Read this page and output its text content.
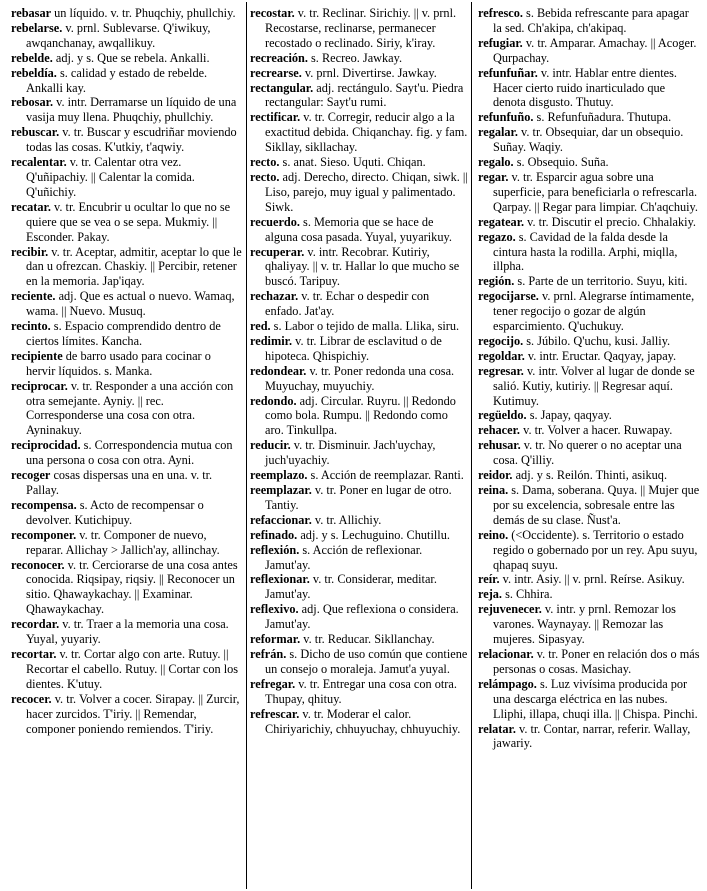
rebasar un líquido. v. tr. Phuqchiy, phullchiy.

rebelarse. v. prnl. Sublevarse. Q'iwikuy, awqanchanay, awqallikuy.

rebelde. adj. y s. Que se rebela. Ankalli.

rebeldía. s. calidad y estado de rebelde. Ankalli kay.

rebosar. v. intr. Derramarse un líquido de una vasija muy llena. Phuqchiy, phullchiy.

rebuscar. v. tr. Buscar y escudriñar moviendo todas las cosas. K'utkiy, t'aqwiy.

recalentar. v. tr. Calentar otra vez. Q'uñipachiy. || Calentar la comida. Q'uñichiy.

recatar. v. tr. Encubrir u ocultar lo que no se quiere que se vea o se sepa. Mukmiy. || Esconder. Pakay.

recibir. v. tr. Aceptar, admitir, aceptar lo que le dan u ofrezcan. Chaskiy. || Percibir, retener en la memoria. Jap'iqay.

reciente. adj. Que es actual o nuevo. Wamaq, wama. || Nuevo. Musuq.

recinto. s. Espacio comprendido dentro de ciertos límites. Kancha.

recipiente de barro usado para cocinar o hervir líquidos. s. Manka.

reciprocar. v. tr. Responder a una acción con otra semejante. Ayniy. || rec. Corresponderse una cosa con otra. Ayninakuy.

reciprocidad. s. Correspondencia mutua con una persona o cosa con otra. Ayni.

recoger cosas dispersas una en una. v. tr. Pallay.

recompensa. s. Acto de recompensar o devolver. Kutichipuy.

recomponer. v. tr. Componer de nuevo, reparar. Allichay > Jallich'ay, allinchay.

reconocer. v. tr. Cerciorarse de una cosa antes conocida. Riqsipay, riqsiy. || Reconocer un sitio. Qhawaykachay. || Examinar. Qhawaykachay.

recordar. v. tr. Traer a la memoria una cosa. Yuyal, yuyariy.

recortar. v. tr. Cortar algo con arte. Rutuy. || Recortar el cabello. Rutuy. || Cortar con los dientes. K'utuy.

recocer. v. tr. Volver a cocer. Sirapay. || Zurcir, hacer zurcidos. T'iriy. || Remendar, componer poniendo remiendos. T'iriy.

recostar. v. tr. Reclinar. Sirichiy. || v. prnl. Recostarse, reclinarse, permanecer recostado o reclinado. Siriy, k'iray.

recreación. s. Recreo. Jawkay.

recrearse. v. prnl. Divertirse. Jawkay.

rectangular. adj. rectángulo. Sayt'u. Piedra rectangular: Sayt'u rumi.

rectificar. v. tr. Corregir, reducir algo a la exactitud debida. Chiqanchay. fig. y fam. Sikllay, sikllachay.

recto. s. anat. Sieso. Uquti. Chiqan.

recto. adj. Derecho, directo. Chiqan, siwk. || Liso, parejo, muy igual y palimentado. Siwk.

recuerdo. s. Memoria que se hace de alguna cosa pasada. Yuyal, yuyarikuy.

recuperar. v. intr. Recobrar. Kutiriy, qhaliyay. || v. tr. Hallar lo que mucho se buscó. Taripuy.

rechazar. v. tr. Echar o despedir con enfado. Jat'ay.

red. s. Labor o tejido de malla. Llika, siru.

redimir. v. tr. Librar de esclavitud o de hipoteca. Qhispichiy.

redondear. v. tr. Poner redonda una cosa. Muyuchay, muyuchiy.

redondo. adj. Circular. Ruyru. || Redondo como bola. Rumpu. || Redondo como aro. Tinkullpa.

reducir. v. tr. Disminuir. Jach'uychay, juch'uyachiy.

reemplazo. s. Acción de reemplazar. Ranti.

reemplazar. v. tr. Poner en lugar de otro. Tantiy.

refaccionar. v. tr. Allichiy.

refinado. adj. y s. Lechuguino. Chutillu.

reflexión. s. Acción de reflexionar. Jamut'ay.

reflexionar. v. tr. Considerar, meditar. Jamut'ay.

reflexivo. adj. Que reflexiona o considera. Jamut'ay.

reformar. v. tr. Reducar. Sikllanchay.

refrán. s. Dicho de uso común que contiene un consejo o moraleja. Jamut'a yuyal.

refregar. v. tr. Entregar una cosa con otra. Thupay, qhituy.

refrescar. v. tr. Moderar el calor. Chiriyarichiy, chhuyuchay, chhuyuchiy.

refresco. s. Bebida refrescante para apagar la sed. Ch'akipa, ch'akipaq.

refugiar. v. tr. Amparar. Amachay. || Acoger. Qurpachay.

refunfuñar. v. intr. Hablar entre dientes. Hacer cierto ruido inarticulado que denota disgusto. Thutuy.

refunfuño. s. Refunfuñadura. Thutupa.

regalar. v. tr. Obsequiar, dar un obsequio. Suñay. Waqiy.

regalo. s. Obsequio. Suña.

regar. v. tr. Esparcir agua sobre una superficie, para beneficiarla o refrescarla. Qarpay. || Regar para limpiar. Ch'aqchuiy.

regatear. v. tr. Discutir el precio. Chhalakiy.

regazo. s. Cavidad de la falda desde la cintura hasta la rodilla. Arphi, miqlla, illpha.

región. s. Parte de un territorio. Suyu, kiti.

regocijarse. v. prnl. Alegrarse íntimamente, tener regocijo o gozar de algún esparcimiento. Q'uchukuy.

regocijo. s. Júbilo. Q'uchu, kusi. Jalliy.

regoldar. v. intr. Eructar. Qaqyay, japay.

regresar. v. intr. Volver al lugar de donde se salió. Kutiy, kutiriy. || Regresar aquí. Kutimuy.

regüeldo. s. Japay, qaqyay.

rehacer. v. tr. Volver a hacer. Ruwapay.

rehusar. v. tr. No querer o no aceptar una cosa. Q'illiy.

reidor. adj. y s. Reilón. Thinti, asikuq.

reina. s. Dama, soberana. Quya. || Mujer que por su excelencia, sobresale entre las demás de su clase. Ñust'a.

reino. (<Occidente). s. Territorio o estado regido o gobernado por un rey. Apu suyu, qhapaq suyu.

reír. v. intr. Asiy. || v. prnl. Reírse. Asikuy.

reja. s. Chhira.

rejuvenecer. v. intr. y prnl. Remozar los varones. Waynayay. || Remozar las mujeres. Sipasyay.

relacionar. v. tr. Poner en relación dos o más personas o cosas. Masichay.

relámpago. s. Luz vivísima producida por una descarga eléctrica en las nubes. Lliphi, illapa, chuqi illa. || Chispa. Pinchi.

relatar. v. tr. Contar, narrar, referir. Wallay, jawariy.
